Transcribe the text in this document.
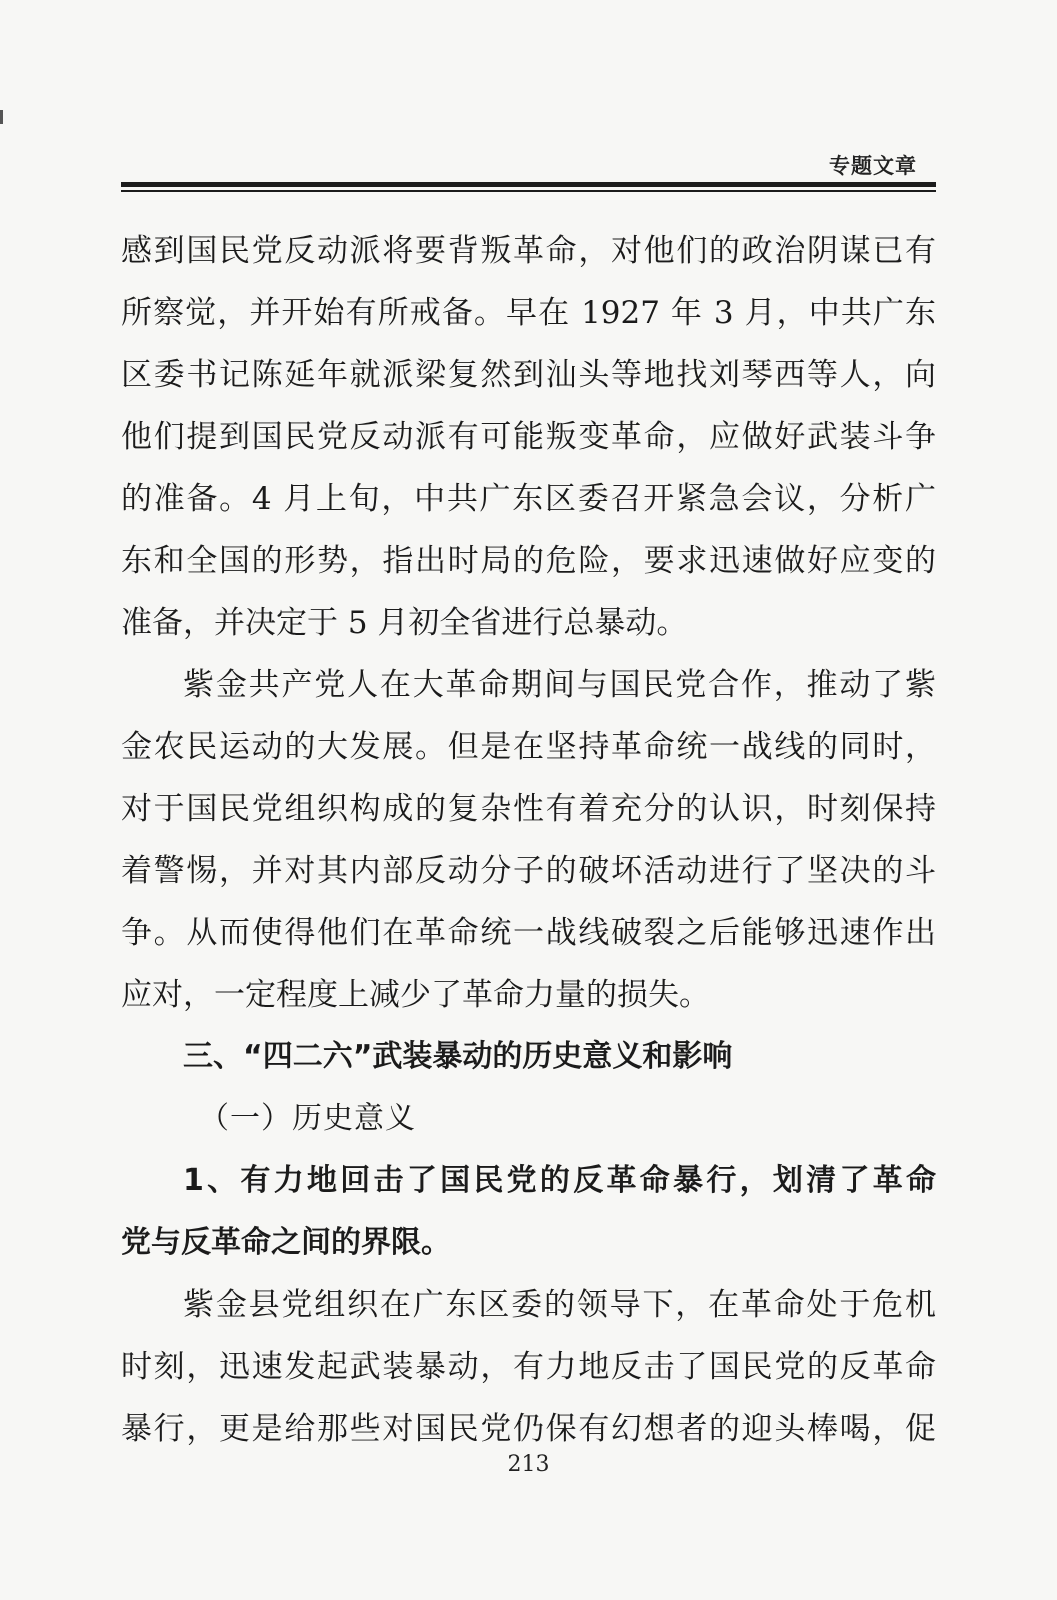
专题文章
感到国民党反动派将要背叛革命，对他们的政治阴谋已有
所察觉，并开始有所戒备。早在 1927 年 3 月，中共广东
区委书记陈延年就派梁复然到汕头等地找刘琴西等人，向
他们提到国民党反动派有可能叛变革命，应做好武装斗争
的准备。4 月上旬，中共广东区委召开紧急会议，分析广
东和全国的形势，指出时局的危险，要求迅速做好应变的
准备，并决定于 5 月初全省进行总暴动。
紫金共产党人在大革命期间与国民党合作，推动了紫
金农民运动的大发展。但是在坚持革命统一战线的同时，
对于国民党组织构成的复杂性有着充分的认识，时刻保持
着警惕，并对其内部反动分子的破坏活动进行了坚决的斗
争。从而使得他们在革命统一战线破裂之后能够迅速作出
应对，一定程度上减少了革命力量的损失。
三、“四二六”武装暴动的历史意义和影响
（一）历史意义
1、有力地回击了国民党的反革命暴行，划清了革命
党与反革命之间的界限。
紫金县党组织在广东区委的领导下，在革命处于危机
时刻，迅速发起武装暴动，有力地反击了国民党的反革命
暴行，更是给那些对国民党仍保有幻想者的迎头棒喝，促
213
